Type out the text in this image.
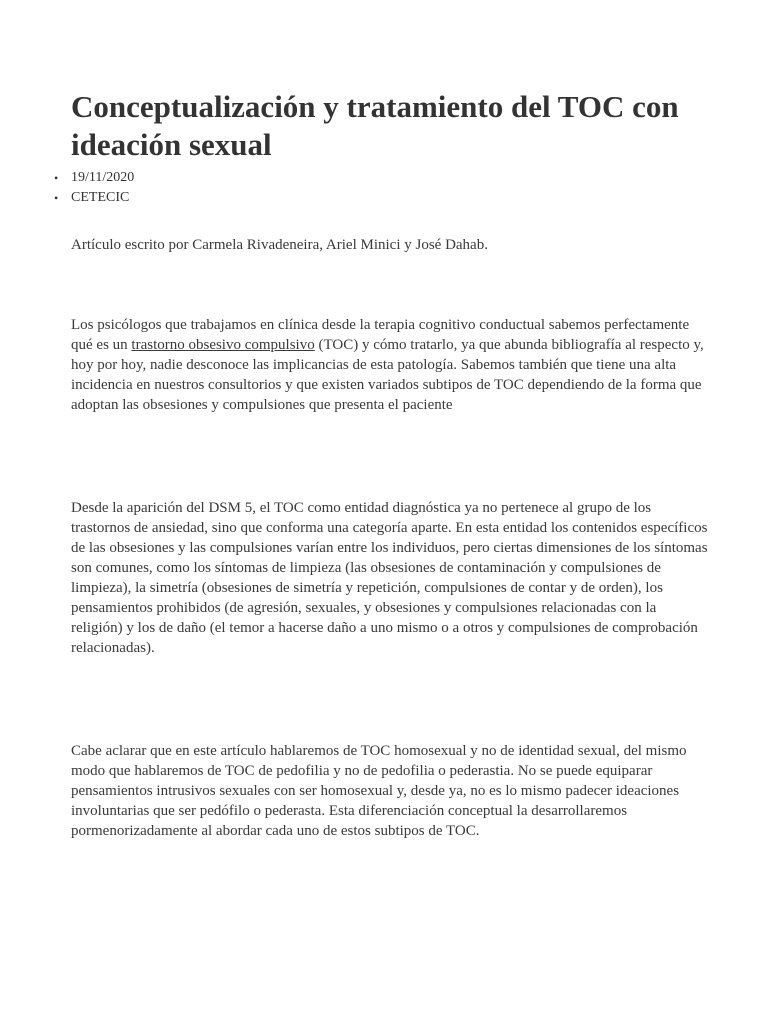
Conceptualización y tratamiento del TOC con ideación sexual
• 19/11/2020
• CETECIC

Artículo escrito por Carmela Rivadeneira, Ariel Minici y José Dahab.

Los psicólogos que trabajamos en clínica desde la terapia cognitivo conductual sabemos perfectamente qué es un trastorno obsesivo compulsivo (TOC) y cómo tratarlo, ya que abunda bibliografía al respecto y, hoy por hoy, nadie desconoce las implicancias de esta patología. Sabemos también que tiene una alta incidencia en nuestros consultorios y que existen variados subtipos de TOC dependiendo de la forma que adoptan las obsesiones y compulsiones que presenta el paciente

Desde la aparición del DSM 5, el TOC como entidad diagnóstica ya no pertenece al grupo de los trastornos de ansiedad, sino que conforma una categoría aparte. En esta entidad los contenidos específicos de las obsesiones y las compulsiones varían entre los individuos, pero ciertas dimensiones de los síntomas son comunes, como los síntomas de limpieza (las obsesiones de contaminación y compulsiones de limpieza), la simetría (obsesiones de simetría y repetición, compulsiones de contar y de orden), los pensamientos prohibidos (de agresión, sexuales, y obsesiones y compulsiones relacionadas con la religión) y los de daño (el temor a hacerse daño a uno mismo o a otros y compulsiones de comprobación relacionadas).

Cabe aclarar que en este artículo hablaremos de TOC homosexual y no de identidad sexual, del mismo modo que hablaremos de TOC de pedofilia y no de pedofilia o pederastia. No se puede equiparar pensamientos intrusivos sexuales con ser homosexual y, desde ya, no es lo mismo padecer ideaciones involuntarias que ser pedófilo o pederasta. Esta diferenciación conceptual la desarrollaremos pormenorizadamente al abordar cada uno de estos subtipos de TOC.
